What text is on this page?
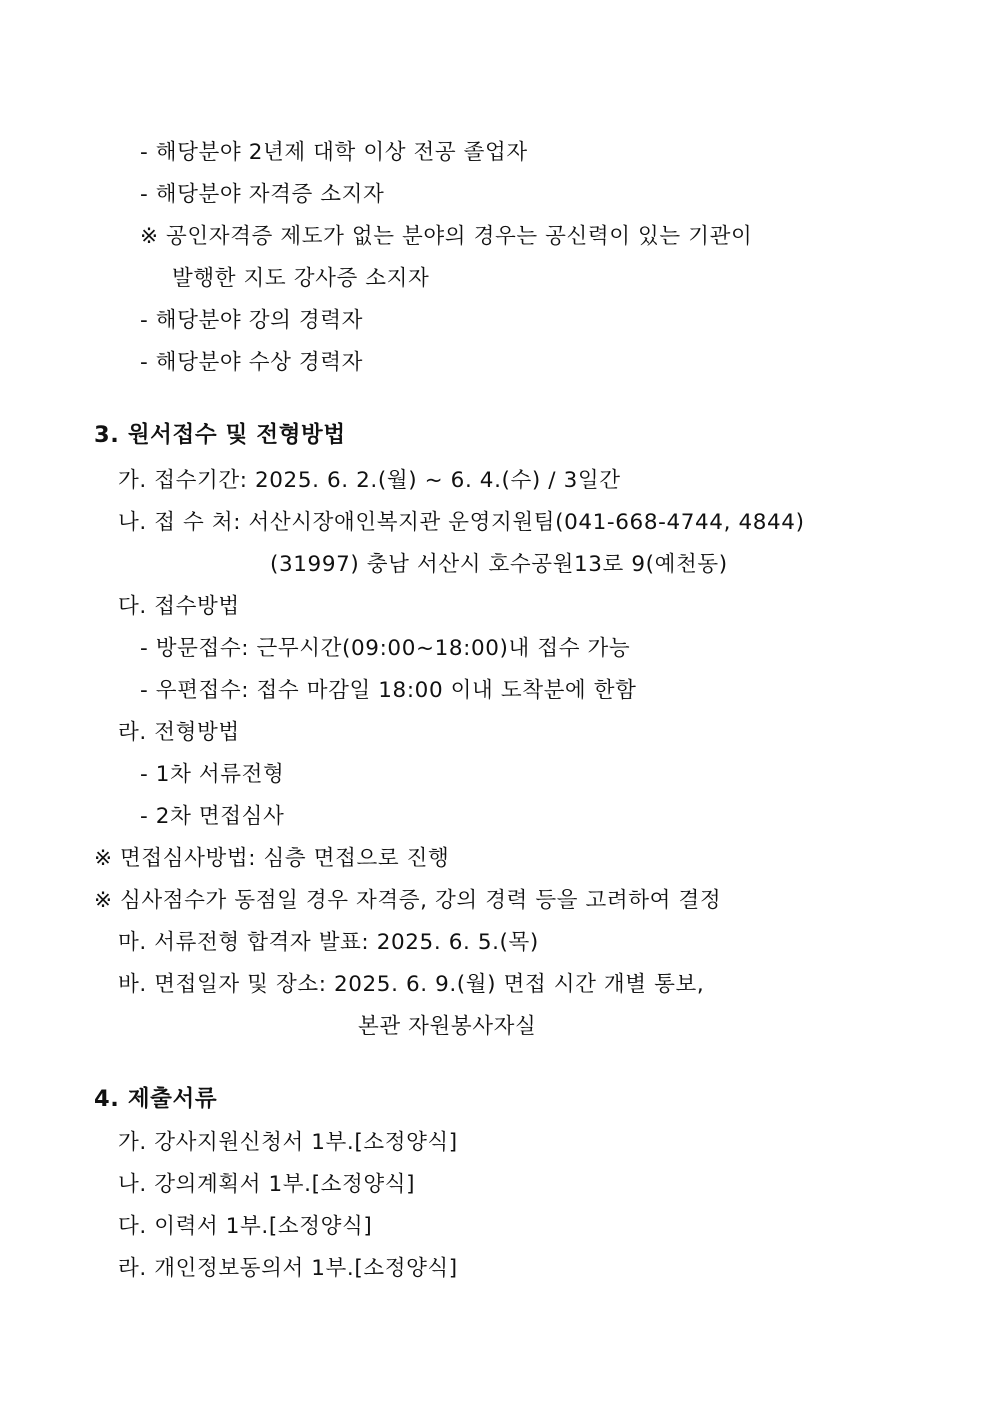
- 해당분야 2년제 대학 이상 전공 졸업자
- 해당분야 자격증 소지자
※ 공인자격증 제도가 없는 분야의 경우는 공신력이 있는 기관이
발행한 지도 강사증 소지자
- 해당분야 강의 경력자
- 해당분야 수상 경력자
3. 원서접수 및 전형방법
가. 접수기간: 2025. 6. 2.(월) ~ 6. 4.(수) / 3일간
나. 접 수 처: 서산시장애인복지관 운영지원팀(041-668-4744, 4844)
(31997) 충남 서산시 호수공원13로 9(예천동)
다. 접수방법
- 방문접수: 근무시간(09:00~18:00)내 접수 가능
- 우편접수: 접수 마감일 18:00 이내 도착분에 한함
라. 전형방법
- 1차 서류전형
- 2차 면접심사
※ 면접심사방법: 심층 면접으로 진행
※ 심사점수가 동점일 경우 자격증, 강의 경력 등을 고려하여 결정
마. 서류전형 합격자 발표: 2025. 6. 5.(목)
바. 면접일자 및 장소: 2025. 6. 9.(월) 면접 시간 개별 통보,
본관 자원봉사자실
4. 제출서류
가. 강사지원신청서 1부.[소정양식]
나. 강의계획서 1부.[소정양식]
다. 이력서 1부.[소정양식]
라. 개인정보동의서 1부.[소정양식]
